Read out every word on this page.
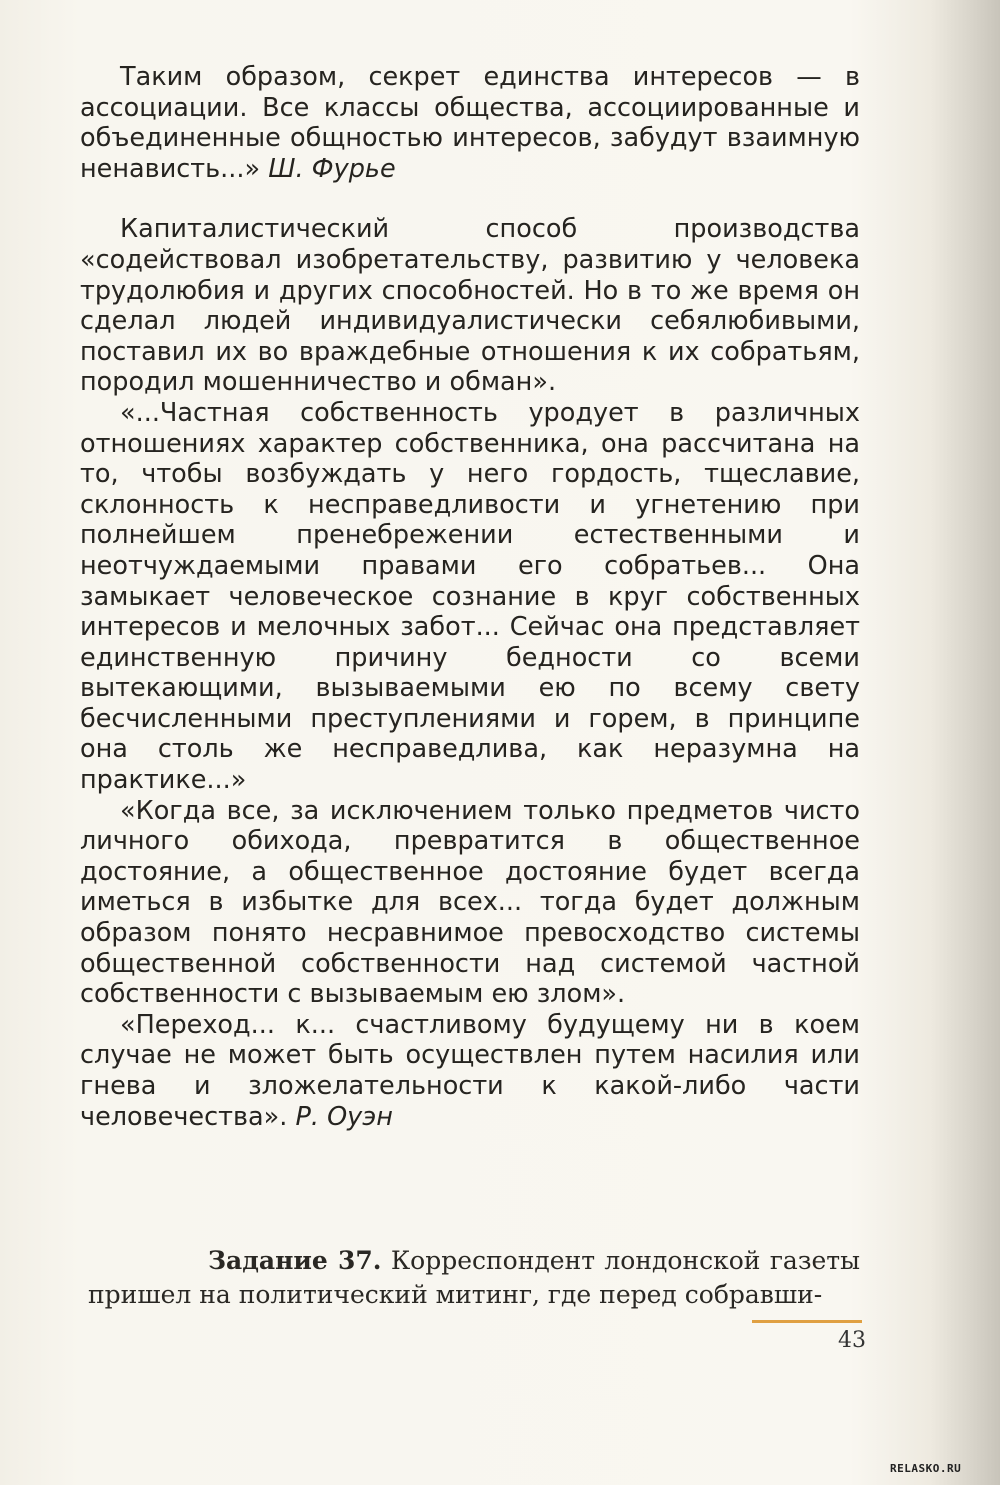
Таким образом, секрет единства интересов — в ассоциации. Все классы общества, ассоциированные и объединенные общностью интересов, забудут взаимную ненависть...» Ш. Фурье

Капиталистический способ производства «содействовал изобретательству, развитию у человека трудолюбия и других способностей. Но в то же время он сделал людей индивидуалистически себялюбивыми, поставил их во враждебные отношения к их собратьям, породил мошенничество и обман».

«...Частная собственность уродует в различных отношениях характер собственника, она рассчитана на то, чтобы возбуждать у него гордость, тщеславие, склонность к несправедливости и угнетению при полнейшем пренебрежении естественными и неотчуждаемыми правами его собратьев... Она замыкает человеческое сознание в круг собственных интересов и мелочных забот... Сейчас она представляет единственную причину бедности со всеми вытекающими, вызываемыми ею по всему свету бесчисленными преступлениями и горем, в принципе она столь же несправедлива, как неразумна на практике...»

«Когда все, за исключением только предметов чисто личного обихода, превратится в общественное достояние, а общественное достояние будет всегда иметься в избытке для всех... тогда будет должным образом понято несравнимое превосходство системы общественной собственности над системой частной собственности с вызываемым ею злом».

«Переход... к... счастливому будущему ни в коем случае не может быть осуществлен путем насилия или гнева и зложелательности к какой-либо части человечества». Р. Оуэн

Задание 37. Корреспондент лондонской газеты пришел на политический митинг, где перед собравши-

43
RELASKO.RU
